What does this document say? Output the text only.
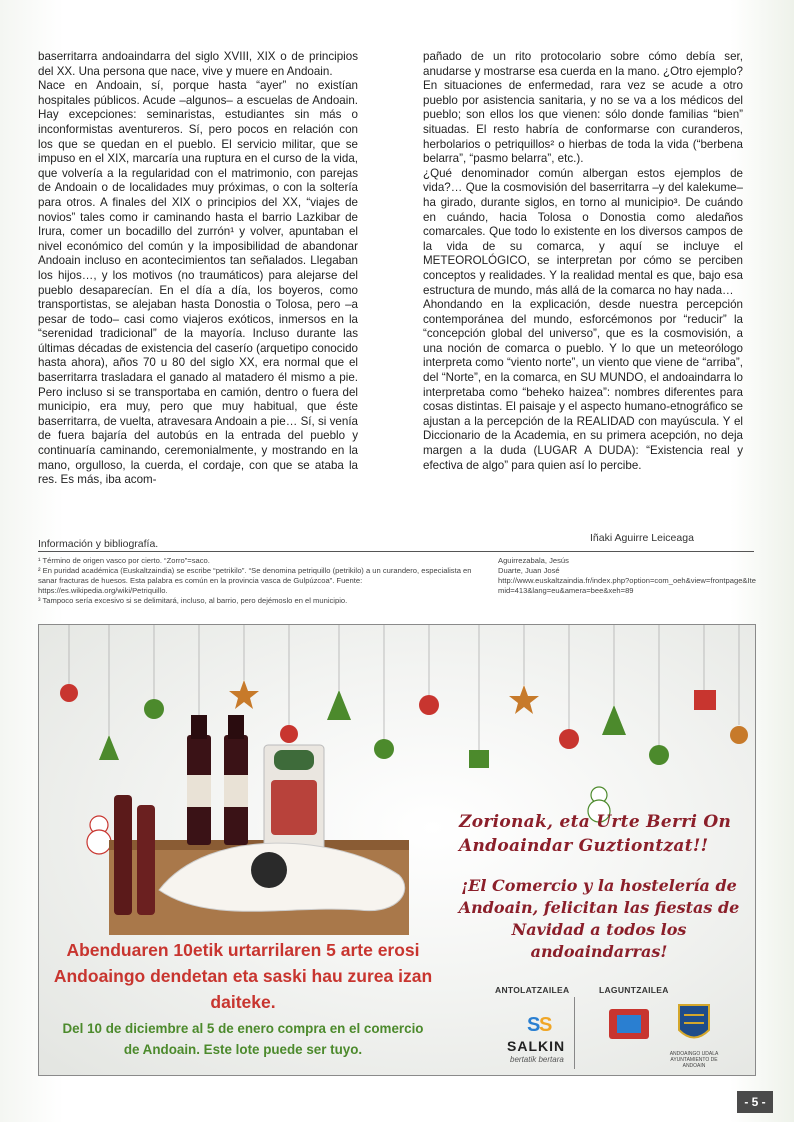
baserritarra andoaindarra del siglo XVIII, XIX o de principios del XX. Una persona que nace, vive y muere en Andoain.

Nace en Andoain, sí, porque hasta “ayer” no existían hospitales públicos. Acude –algunos– a escuelas de Andoain. Hay excepciones: seminaristas, estudiantes sin más o inconformistas aventureros. Sí, pero pocos en relación con los que se quedan en el pueblo. El servicio militar, que se impuso en el XIX, marcaría una ruptura en el curso de la vida, que volvería a la regularidad con el matrimonio, con parejas de Andoain o de localidades muy próximas, o con la soltería para otros. A finales del XIX o principios del XX, “viajes de novios” tales como ir caminando hasta el barrio Lazkibar de Irura, comer un bocadillo del zurrón¹ y volver, apuntaban el nivel económico del común y la imposibilidad de abandonar Andoain incluso en acontecimientos tan señalados. Llegaban los hijos…, y los motivos (no traumáticos) para alejarse del pueblo desaparecían. En el día a día, los boyeros, como transportistas, se alejaban hasta Donostia o Tolosa, pero –a pesar de todo– casi como viajeros exóticos, inmersos en la “serenidad tradicional” de la mayoría. Incluso durante las últimas décadas de existencia del caserío (arquetipo conocido hasta ahora), años 70 u 80 del siglo XX, era normal que el baserritarra trasladara el ganado al matadero él mismo a pie. Pero incluso si se transportaba en camión, dentro o fuera del municipio, era muy, pero que muy habitual, que éste baserritarra, de vuelta, atravesara Andoain a pie… Sí, si venía de fuera bajaría del autobús en la entrada del pueblo y continuaría caminando, ceremonialmente, y mostrando en la mano, orgulloso, la cuerda, el cordaje, con que se ataba la res. Es más, iba acom-

pañado de un rito protocolario sobre cómo debía ser, anudarse y mostrarse esa cuerda en la mano. ¿Otro ejemplo? En situaciones de enfermedad, rara vez se acude a otro pueblo por asistencia sanitaria, y no se va a los médicos del pueblo; son ellos los que vienen: sólo donde familias “bien” situadas. El resto habría de conformarse con curanderos, herbolarios o petriquillos² o hierbas de toda la vida (“berbena belarra”, “pasmo belarra”, etc.).

¿Qué denominador común albergan estos ejemplos de vida?… Que la cosmovisión del baserritarra –y del kalekume– ha girado, durante siglos, en torno al municipio³. De cuándo en cuándo, hacia Tolosa o Donostia como aledaños comarcales. Que todo lo existente en los diversos campos de la vida de su comarca, y aquí se incluye el METEOROLÓGICO, se interpretan por cómo se perciben conceptos y realidades. Y la realidad mental es que, bajo esa estructura de mundo, más allá de la comarca no hay nada…

Ahondando en la explicación, desde nuestra percepción contemporánea del mundo, esforcémonos por “reducir” la “concepción global del universo”, que es la cosmovisión, a una noción de comarca o pueblo. Y lo que un meteorólogo interpreta como “viento norte”, un viento que viene de “arriba”, del “Norte”, en la comarca, en SU MUNDO, el andoaindarra lo interpretaba como “beheko haizea”: nombres diferentes para cosas distintas. El paisaje y el aspecto humano-etnográfico se ajustan a la percepción de la REALIDAD con mayúscula. Y el Diccionario de la Academia, en su primera acepción, no deja margen a la duda (LUGAR A DUDA): “Existencia real y efectiva de algo” para quien así lo percibe.

Información y bibliografía.	Iñaki Aguirre Leiceaga

¹ Término de origen vasco por cierto. “Zorro”=saco.

² En puridad académica (Euskaltzaindia) se escribe “petrikilo”. “Se denomina petriquillo (petrikilo) a un curandero, especialista en sanar fracturas de huesos. Esta palabra es común en la provincia vasca de Gulpúzcoa”. Fuente: https://es.wikipedia.org/wiki/Petriquillo.

³ Tampoco sería excesivo si se delimitará, incluso, al barrio, pero dejémoslo en el municipio.

Aguirrezabala, Jesús
Duarte, Juan José
http://www.euskaltzaindia.fr/index.php?option=com_oeh&view=frontpage&Itemid=413&lang=eu&amera=bee&xeh=89
S
S
Zorionak, eta Urte Berri On Andoaindar Guztiontzat!!
¡El Comercio y la hostelería de Andoain, felicitan las fiestas de Navidad a todos los andoaindarras!
Abenduaren 10etik urtarrilaren 5 arte erosi Andoaingo dendetan eta saski hau zurea izan daiteke.
Del 10 de diciembre al 5 de enero compra en el comercio de Andoain. Este lote puede ser tuyo.
ANTOLATZAILEA	LAGUNTZAILEA
SALKIN
bertatik bertara
ANDOAINGO UDALA AYUNTAMIENTO DE ANDOAIN
- 5 -
